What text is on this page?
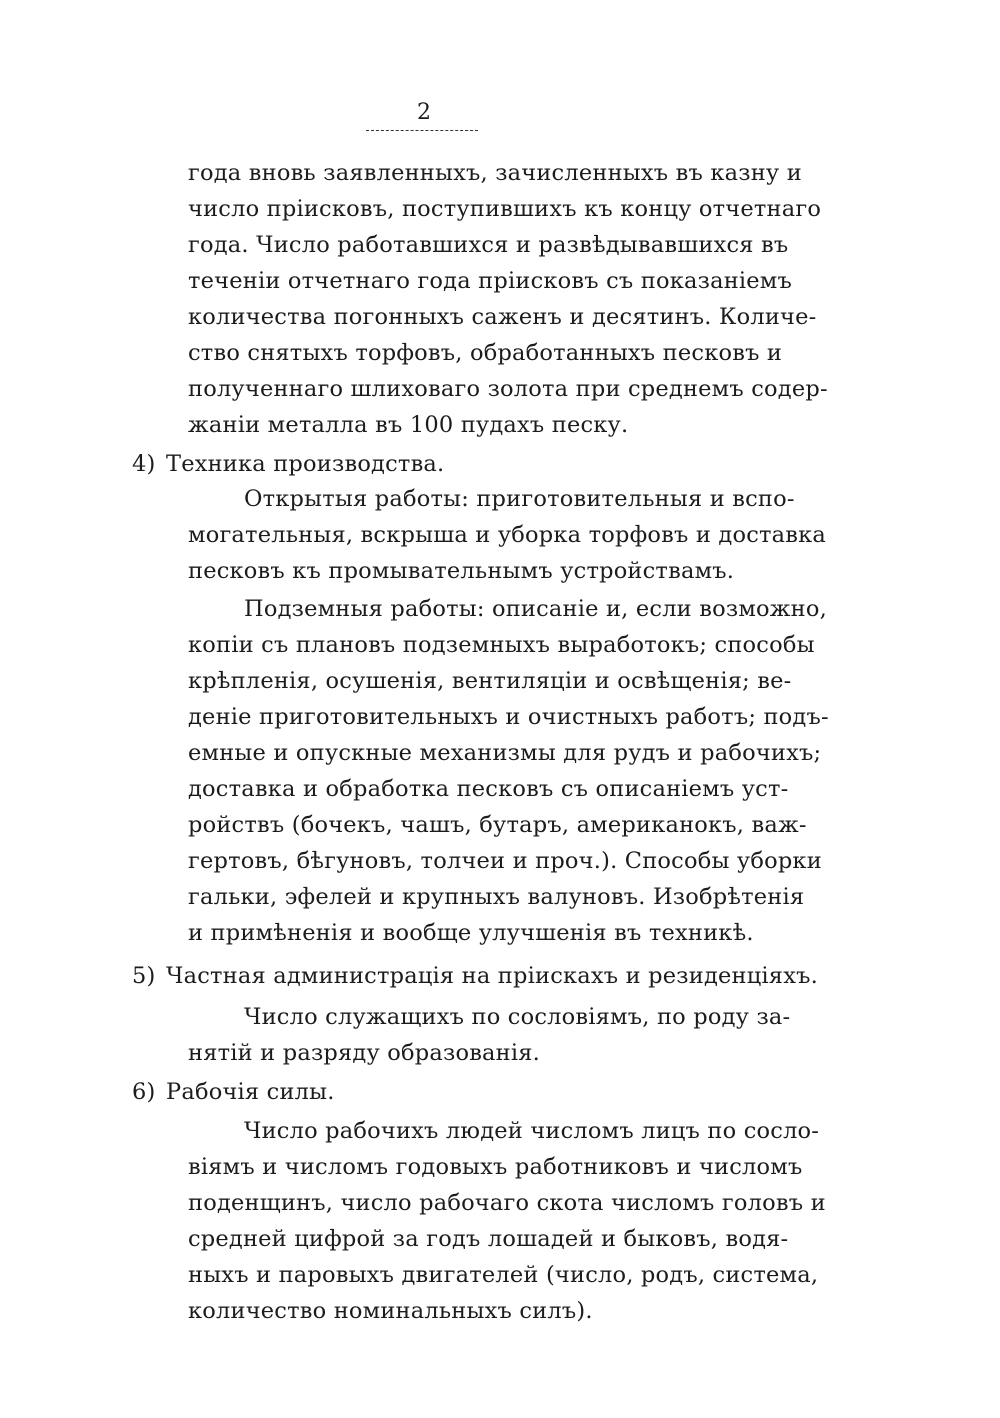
2
года вновь заявленныхъ, зачисленныхъ въ казну и
число прiисковъ, поступившихъ къ концу отчетнаго
года. Число работавшихся и развѣдывавшихся въ
теченiи отчетнаго года прiисковъ съ показанiемъ
количества погонныхъ саженъ и десятинъ. Количе-
ство снятыхъ торфовъ, обработанныхъ песковъ и
полученнаго шлиховаго золота при среднемъ содер-
жанiи металла въ 100 пудахъ песку.
4) Техника производства.
Открытыя работы: приготовительныя и вспо-
могательныя, вскрыша и уборка торфовъ и доставка
песковъ къ промывательнымъ устройствамъ.
Подземныя работы: описанiе и, если возможно,
копiи съ плановъ подземныхъ выработокъ; способы
крѣпленiя, осушенiя, вентиляцiи и освѣщенiя; ве-
денiе приготовительныхъ и очистныхъ работъ; подъ-
емные и опускные механизмы для рудъ и рабочихъ;
доставка и обработка песковъ съ описанiемъ уст-
ройствъ (бочекъ, чашъ, бутаръ, американокъ, важ-
гертовъ, бѣгуновъ, толчеи и проч.). Способы уборки
гальки, эфелей и крупныхъ валуновъ. Изобрѣтенiя
и примѣненiя и вообще улучшенiя въ техникѣ.
5) Частная администрацiя на прiискахъ и резиденцiяхъ.
Число служащихъ по сословiямъ, по роду за-
нятiй и разряду образованiя.
6) Рабочiя силы.
Число рабочихъ людей числомъ лицъ по сосло-
вiямъ и числомъ годовыхъ работниковъ и числомъ
поденщинъ, число рабочаго скота числомъ головъ и
средней цифрой за годъ лошадей и быковъ, водя-
ныхъ и паровыхъ двигателей (число, родъ, система,
количество номинальныхъ силъ).
